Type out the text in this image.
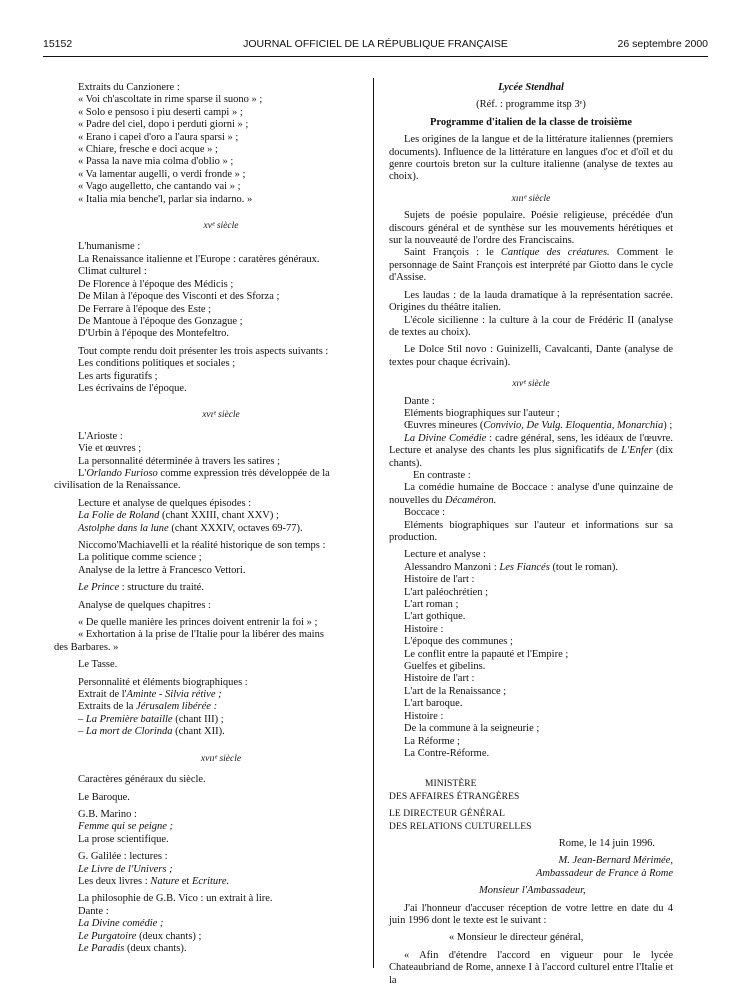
15152	JOURNAL OFFICIEL DE LA RÉPUBLIQUE FRANÇAISE	26 septembre 2000

Extraits du Canzionere :

« Voi ch'ascoltate in rime sparse il suono » ;

« Solo e pensoso i piu deserti campi » ;

« Padre del ciel, dopo i perduti giorni » ;

« Erano i capei d'oro a l'aura sparsi » ;

« Chiare, fresche e doci acque » ;

« Passa la nave mia colma d'oblio » ;

« Va lamentar augelli, o verdi fronde » ;

« Vago augelletto, che cantando vai » ;

« Italia mia benche'l, parlar sia indarno. »

xvᵉ siècle

L'humanisme :

La Renaissance italienne et l'Europe : caratères généraux.

Climat culturel :

De Florence à l'époque des Médicis ;

De Milan à l'époque des Visconti et des Sforza ;

De Ferrare à l'époque des Este ;

De Mantoue à l'époque des Gonzague ;

D'Urbin à l'époque des Montefeltro.

Tout compte rendu doit présenter les trois aspects suivants :

Les conditions politiques et sociales ;

Les arts figuratifs ;

Les écrivains de l'époque.

xvıᵉ siècle

L'Arioste :

Vie et œuvres ;

La personnalité déterminée à travers les satires ;

L'Orlando Furioso comme expression très développée de la

civilisation de la Renaissance.

Lecture et analyse de quelques épisodes :

La Folie de Roland (chant XXIII, chant XXV) ;

Astolphe dans la lune (chant XXXIV, octaves 69-77).

Niccomo'Machiavelli et la réalité historique de son temps :

La politique comme science ;

Analyse de la lettre à Francesco Vettori.

Le Prince : structure du traité.

Analyse de quelques chapitres :

« De quelle manière les princes doivent entrenir la foi » ;

« Exhortation à la prise de l'Italie pour la libérer des mains

des Barbares. »

Le Tasse.

Personnalité et éléments biographiques :

Extrait de l'Aminte - Silvia rétive ;

Extraits de la Jérusalem libérée :

– La Première bataille (chant III) ;

– La mort de Clorinda (chant XII).

xvııᵉ siècle

Caractères généraux du siècle.

Le Baroque.

G.B. Marino :

Femme qui se peigne ;

La prose scientifique.

G. Galilée : lectures :

Le Livre de l'Univers ;

Les deux livres : Nature et Ecriture.

La philosophie de G.B. Vico : un extrait à lire.

Dante :

La Divine comédie ;

Le Purgatoire (deux chants) ;

Le Paradis (deux chants).

Lycée Stendhal

(Réf. : programme itsp 3ᵉ)

Programme d'italien de la classe de troisième

Les origines de la langue et de la littérature italiennes (premiers documents). Influence de la littérature en langues d'oc et d'oïl et du genre courtois breton sur la culture italienne (analyse de textes au choix).

xıııᵉ siècle

Sujets de poésie populaire. Poésie religieuse, précédée d'un discours général et de synthèse sur les mouvements hérétiques et sur la nouveauté de l'ordre des Franciscains.

Saint François : le Cantique des créatures. Comment le personnage de Saint François est interprété par Giotto dans le cycle d'Assise.

Les laudas : de la lauda dramatique à la représentation sacrée. Origines du théâtre italien.

L'école sicilienne : la culture à la cour de Frédéric II (analyse de textes au choix).

Le Dolce Stil novo : Guinizelli, Cavalcanti, Dante (analyse de textes pour chaque écrivain).

xıvᵉ siècle

Dante :

Eléments biographiques sur l'auteur ;

Œuvres mineures (Convivio, De Vulg. Eloquentia, Monarchia) ;

La Divine Comédie : cadre général, sens, les idéaux de l'œuvre. Lecture et analyse des chants les plus significatifs de L'Enfer (dix chants).

En contraste :

La comédie humaine de Boccace : analyse d'une quinzaine de nouvelles du Décaméron.

Boccace :

Eléments biographiques sur l'auteur et informations sur sa production.

Lecture et analyse :

Alessandro Manzoni : Les Fiancés (tout le roman).

Histoire de l'art :

L'art paléochrétien ;

L'art roman ;

L'art gothique.

Histoire :

L'époque des communes ;

Le conflit entre la papauté et l'Empire ;

Guelfes et gibelins.

Histoire de l'art :

L'art de la Renaissance ;

L'art baroque.

Histoire :

De la commune à la seigneurie ;

La Réforme ;

La Contre-Réforme.

MINISTÈRE

DES AFFAIRES ÉTRANGÈRES

LE DIRECTEUR GÉNÉRAL

DES RELATIONS CULTURELLES

Rome, le 14 juin 1996.

M. Jean-Bernard Mérimée,

Ambassadeur de France à Rome

Monsieur l'Ambassadeur,

J'ai l'honneur d'accuser réception de votre lettre en date du 4 juin 1996 dont le texte est le suivant :

« Monsieur le directeur général,

« Afin d'étendre l'accord en vigueur pour le lycée Chateaubriand de Rome, annexe I à l'accord culturel entre l'Italie et la
